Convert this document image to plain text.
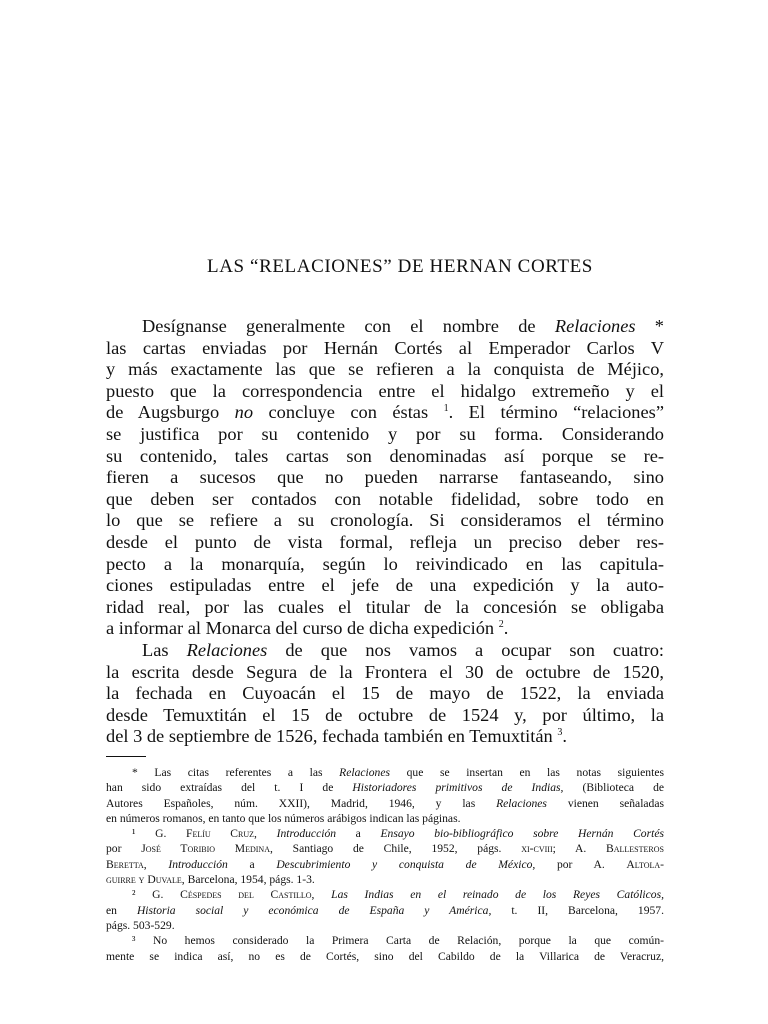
LAS “RELACIONES” DE HERNAN CORTES

Desígnanse generalmente con el nombre de Relaciones *
las cartas enviadas por Hernán Cortés al Emperador Carlos V
y más exactamente las que se refieren a la conquista de Méjico,
puesto que la correspondencia entre el hidalgo extremeño y el
de Augsburgo no concluye con éstas $^1$. El término “relaciones”
se justifica por su contenido y por su forma. Considerando
su contenido, tales cartas son denominadas así porque se re-
fieren a sucesos que no pueden narrarse fantaseando, sino
que deben ser contados con notable fidelidad, sobre todo en
lo que se refiere a su cronología. Si consideramos el término
desde el punto de vista formal, refleja un preciso deber res-
pecto a la monarquía, según lo reivindicado en las capitula-
ciones estipuladas entre el jefe de una expedición y la auto-
ridad real, por las cuales el titular de la concesión se obligaba
a informar al Monarca del curso de dicha expedición $^2$.

Las Relaciones de que nos vamos a ocupar son cuatro:
la escrita desde Segura de la Frontera el 30 de octubre de 1520,
la fechada en Cuyoacán el 15 de mayo de 1522, la enviada
desde Temuxtitán el 15 de octubre de 1524 y, por último, la
del 3 de septiembre de 1526, fechada también en Temuxtitán $^3$.

* Las citas referentes a las Relaciones que se insertan en las notas siguientes
han sido extraídas del t. I de Historiadores primitivos de Indias, (Biblioteca de
Autores Españoles, núm. XXII), Madrid, 1946, y las Relaciones vienen señaladas
en números romanos, en tanto que los números arábigos indican las páginas.
¹ G. Felíu Cruz, Introducción a Ensayo bio-bibliográfico sobre Hernán Cortés
por José Toribio Medina, Santiago de Chile, 1952, págs. xi-cviii; A. Ballesteros
Beretta, Introducción a Descubrimiento y conquista de México, por A. Altola-
guirre y Duvale, Barcelona, 1954, págs. 1-3.
² G. Céspedes del Castillo, Las Indias en el reinado de los Reyes Católicos,
en Historia social y económica de España y América, t. II, Barcelona, 1957.
págs. 503-529.
³ No hemos considerado la Primera Carta de Relación, porque la que común-
mente se indica así, no es de Cortés, sino del Cabildo de la Villarica de Veracruz,
